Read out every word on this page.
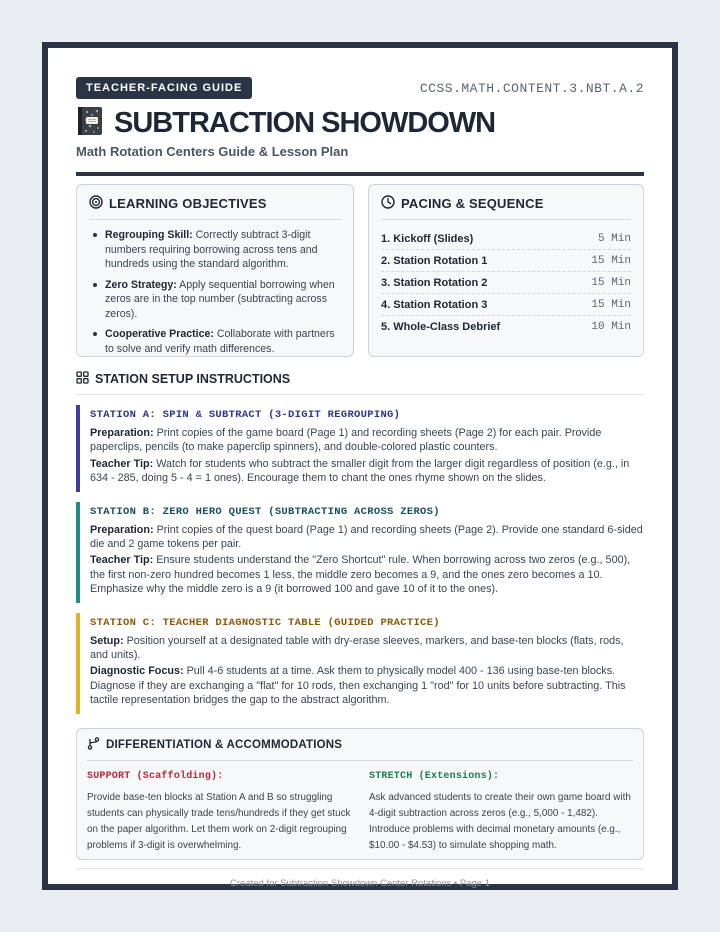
TEACHER-FACING GUIDE	CCSS.MATH.CONTENT.3.NBT.A.2
SUBTRACTION SHOWDOWN
Math Rotation Centers Guide & Lesson Plan
LEARNING OBJECTIVES
Regrouping Skill: Correctly subtract 3-digit numbers requiring borrowing across tens and hundreds using the standard algorithm.
Zero Strategy: Apply sequential borrowing when zeros are in the top number (subtracting across zeros).
Cooperative Practice: Collaborate with partners to solve and verify math differences.
PACING & SEQUENCE
1. Kickoff (Slides)	5 Min
2. Station Rotation 1	15 Min
3. Station Rotation 2	15 Min
4. Station Rotation 3	15 Min
5. Whole-Class Debrief	10 Min
STATION SETUP INSTRUCTIONS
STATION A: SPIN & SUBTRACT (3-DIGIT REGROUPING)

Preparation: Print copies of the game board (Page 1) and recording sheets (Page 2) for each pair. Provide paperclips, pencils (to make paperclip spinners), and double-colored plastic counters.

Teacher Tip: Watch for students who subtract the smaller digit from the larger digit regardless of position (e.g., in 634 - 285, doing 5 - 4 = 1 ones). Encourage them to chant the ones rhyme shown on the slides.

STATION B: ZERO HERO QUEST (SUBTRACTING ACROSS ZEROS)

Preparation: Print copies of the quest board (Page 1) and recording sheets (Page 2). Provide one standard 6-sided die and 2 game tokens per pair.

Teacher Tip: Ensure students understand the "Zero Shortcut" rule. When borrowing across two zeros (e.g., 500), the first non-zero hundred becomes 1 less, the middle zero becomes a 9, and the ones zero becomes a 10. Emphasize why the middle zero is a 9 (it borrowed 100 and gave 10 of it to the ones).

STATION C: TEACHER DIAGNOSTIC TABLE (GUIDED PRACTICE)

Setup: Position yourself at a designated table with dry-erase sleeves, markers, and base-ten blocks (flats, rods, and units).

Diagnostic Focus: Pull 4-6 students at a time. Ask them to physically model 400 - 136 using base-ten blocks. Diagnose if they are exchanging a "flat" for 10 rods, then exchanging 1 "rod" for 10 units before subtracting. This tactile representation bridges the gap to the abstract algorithm.

DIFFERENTIATION & ACCOMMODATIONS
SUPPORT (Scaffolding):

Provide base-ten blocks at Station A and B so struggling students can physically trade tens/hundreds if they get stuck on the paper algorithm. Let them work on 2-digit regrouping problems if 3-digit is overwhelming.

STRETCH (Extensions):

Ask advanced students to create their own game board with 4-digit subtraction across zeros (e.g., 5,000 - 1,482). Introduce problems with decimal monetary amounts (e.g., $10.00 - $4.53) to simulate shopping math.

Created for Subtraction Showdown Center Rotations • Page 1
